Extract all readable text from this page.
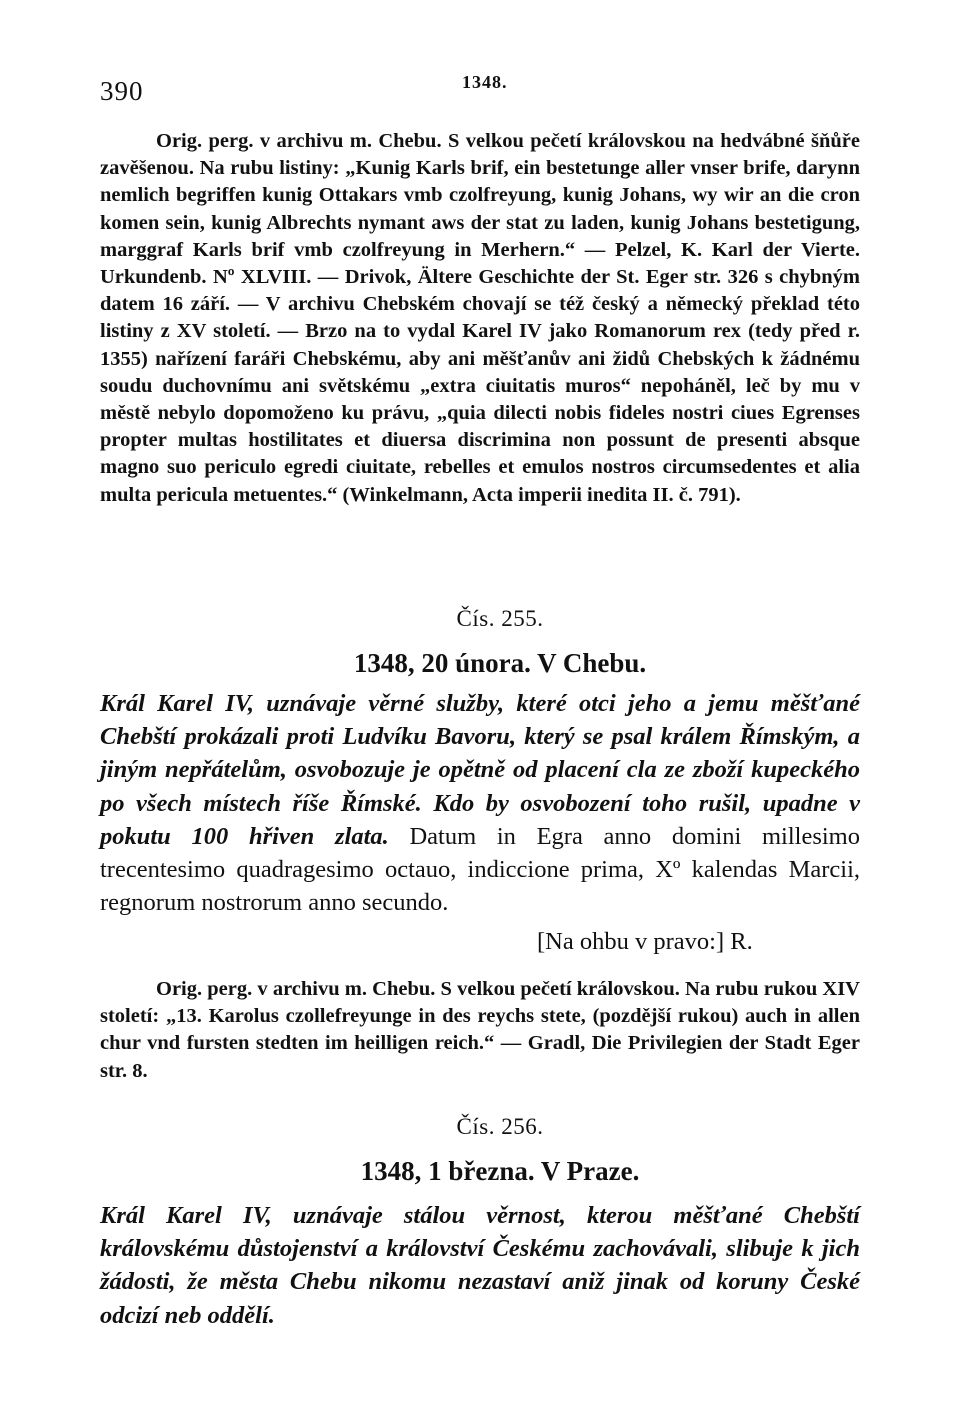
390	1348.

Orig. perg. v archivu m. Chebu. S velkou pečetí královskou na hedvábné šňůře zavěšenou. Na rubu listiny: „Kunig Karls brif, ein bestetunge aller vnser brife, darynn nemlich begriffen kunig Ottakars vmb czolfreyung, kunig Johans, wy wir an die cron komen sein, kunig Albrechts nymant aws der stat zu laden, kunig Johans bestetigung, marggraf Karls brif vmb czolfreyung in Merhern.“ — Pelzel, K. Karl der Vierte. Urkundenb. Nº XLVIII. — Drivok, Ältere Geschichte der St. Eger str. 326 s chybným datem 16 září. — V archivu Chebském chovají se též český a německý překlad této listiny z XV století. — Brzo na to vydal Karel IV jako Romanorum rex (tedy před r. 1355) nařízení faráři Chebskému, aby ani měšťanův ani židů Chebských k žádnému soudu duchovnímu ani světskému „extra ciuitatis muros“ nepoháněl, leč by mu v městě nebylo dopomoženo ku právu, „quia dilecti nobis fideles nostri ciues Egrenses propter multas hostilitates et diuersa discrimina non possunt de presenti absque magno suo periculo egredi ciuitate, rebelles et emulos nostros circumsedentes et alia multa pericula metuentes.“ (Winkelmann, Acta imperii inedita II. č. 791).

Čís. 255.
1348, 20 února. V Chebu.
Král Karel IV, uznávaje věrné služby, které otci jeho a jemu měšťané Chebští prokázali proti Ludvíku Bavoru, který se psal králem Římským, a jiným nepřátelům, osvobozuje je opětně od placení cla ze zboží kupeckého po všech místech říše Římské. Kdo by osvobození toho rušil, upadne v pokutu 100 hřiven zlata. Datum in Egra anno domini millesimo trecentesimo quadragesimo octauo, indiccione prima, Xº kalendas Marcii, regnorum nostrorum anno secundo.
[Na ohbu v pravo:] R.

Orig. perg. v archivu m. Chebu. S velkou pečetí královskou. Na rubu rukou XIV století: „13. Karolus czollefreyunge in des reychs stete, (pozdější rukou) auch in allen chur vnd fursten stedten im heilligen reich.“ — Gradl, Die Privilegien der Stadt Eger str. 8.

Čís. 256.
1348, 1 března. V Praze.
Král Karel IV, uznávaje stálou věrnost, kterou měšťané Chebští královskému důstojenství a království Českému zachovávali, slibuje k jich žádosti, že města Chebu nikomu nezastaví aniž jinak od koruny České odcizí neb oddělí.
